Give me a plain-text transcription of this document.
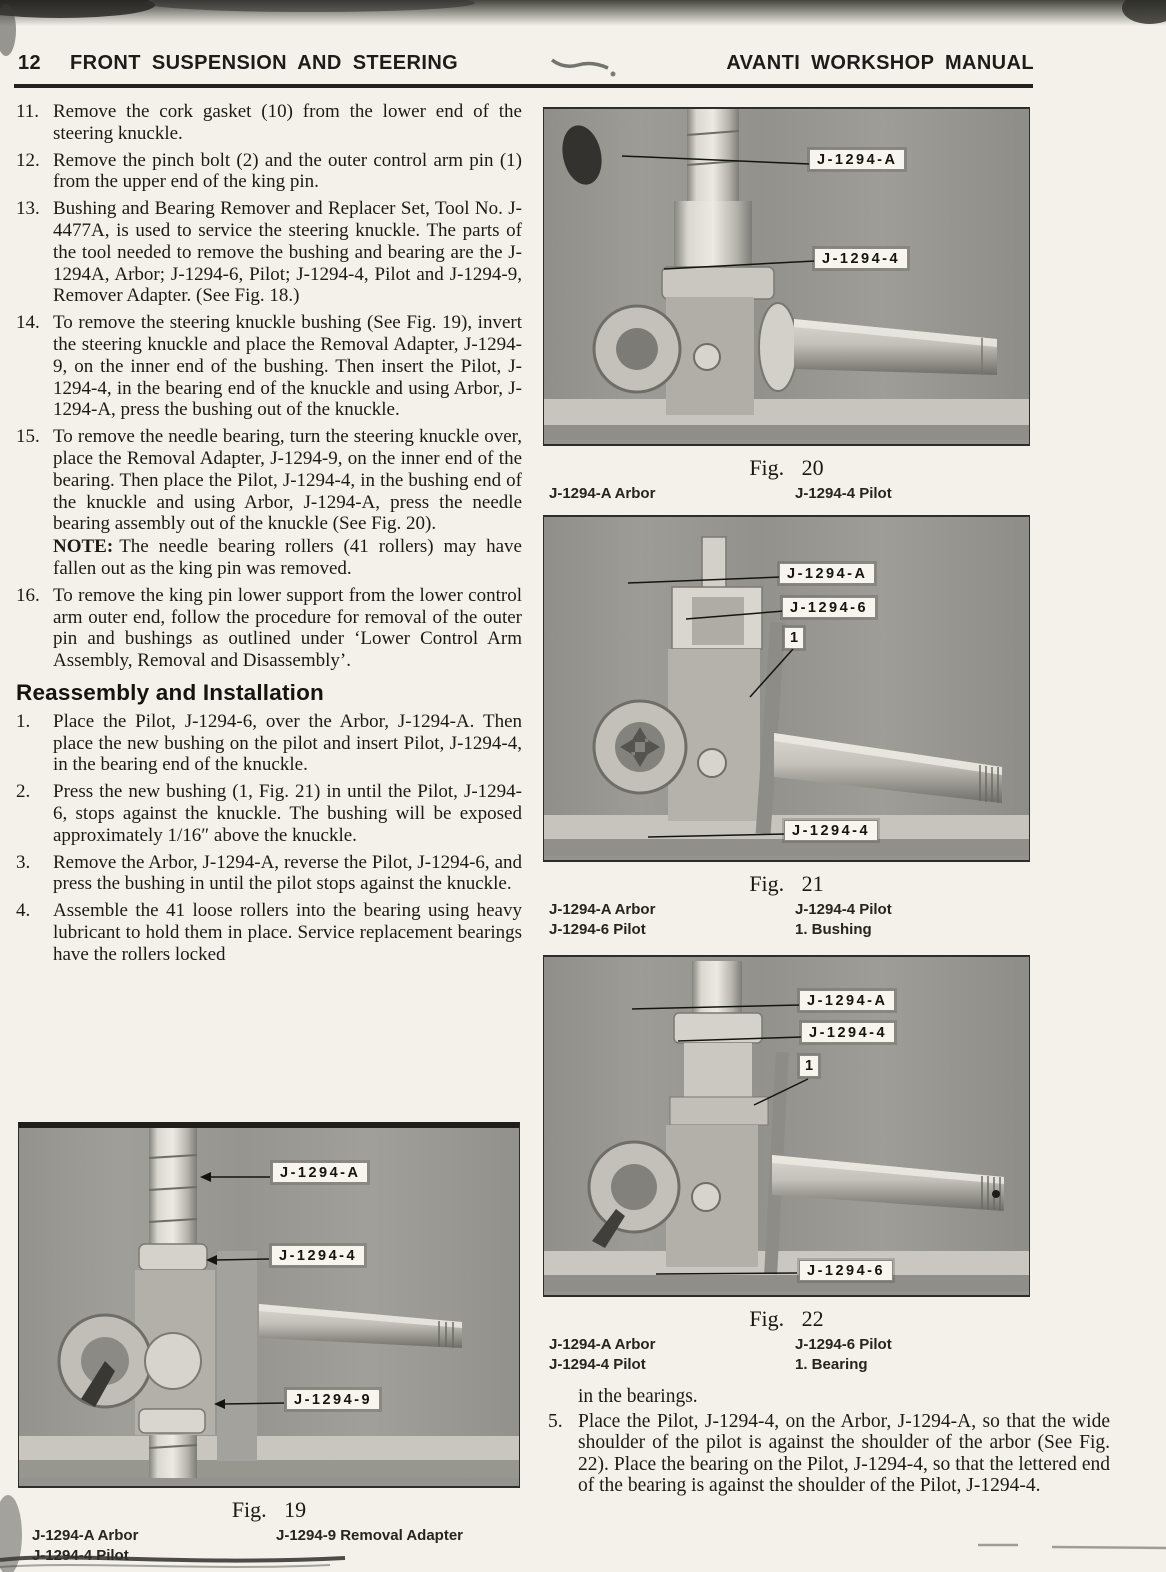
12 FRONT SUSPENSION AND STEERING	AVANTI WORKSHOP MANUAL
11. Remove the cork gasket (10) from the lower end of the steering knuckle.
12. Remove the pinch bolt (2) and the outer control arm pin (1) from the upper end of the king pin.
13. Bushing and Bearing Remover and Replacer Set, Tool No. J-4477A, is used to service the steering knuckle. The parts of the tool needed to remove the bushing and bearing are the J-1294A, Arbor; J-1294-6, Pilot; J-1294-4, Pilot and J-1294-9, Remover Adapter. (See Fig. 18.)
14. To remove the steering knuckle bushing (See Fig. 19), invert the steering knuckle and place the Removal Adapter, J-1294-9, on the inner end of the bushing. Then insert the Pilot, J-1294-4, in the bearing end of the knuckle and using Arbor, J-1294-A, press the bushing out of the knuckle.
15. To remove the needle bearing, turn the steering knuckle over, place the Removal Adapter, J-1294-9, on the inner end of the bearing. Then place the Pilot, J-1294-4, in the bushing end of the knuckle and using Arbor, J-1294-A, press the needle bearing assembly out of the knuckle (See Fig. 20).
NOTE: The needle bearing rollers (41 rollers) may have fallen out as the king pin was removed.
16. To remove the king pin lower support from the lower control arm outer end, follow the procedure for removal of the outer pin and bushings as outlined under ‘Lower Control Arm Assembly, Removal and Disassembly’.
Reassembly and Installation
1. Place the Pilot, J-1294-6, over the Arbor, J-1294-A. Then place the new bushing on the pilot and insert Pilot, J-1294-4, in the bearing end of the knuckle.
2. Press the new bushing (1, Fig. 21) in until the Pilot, J-1294-6, stops against the knuckle. The bushing will be exposed approximately 1/16″ above the knuckle.
3. Remove the Arbor, J-1294-A, reverse the Pilot, J-1294-6, and press the bushing in until the pilot stops against the knuckle.
4. Assemble the 41 loose rollers into the bearing using heavy lubricant to hold them in place. Service replacement bearings have the rollers locked
J-1294-A
J-1294-4
Fig. 20
J-1294-A Arbor	J-1294-4 Pilot
J-1294-A
J-1294-6
1
J-1294-4
Fig. 21
J-1294-A Arbor
J-1294-6 Pilot
J-1294-4 Pilot
1. Bushing
J-1294-A
J-1294-4
1
J-1294-6
Fig. 22
J-1294-A Arbor
J-1294-4 Pilot
J-1294-6 Pilot
1. Bearing
J-1294-A
J-1294-4
J-1294-9
Fig. 19
J-1294-A Arbor
J-1294-4 Pilot
J-1294-9 Removal Adapter

in the bearings.

5. Place the Pilot, J-1294-4, on the Arbor, J-1294-A, so that the wide shoulder of the pilot is against the shoulder of the arbor (See Fig. 22). Place the bearing on the Pilot, J-1294-4, so that the lettered end of the bearing is against the shoulder of the Pilot, J-1294-4.
